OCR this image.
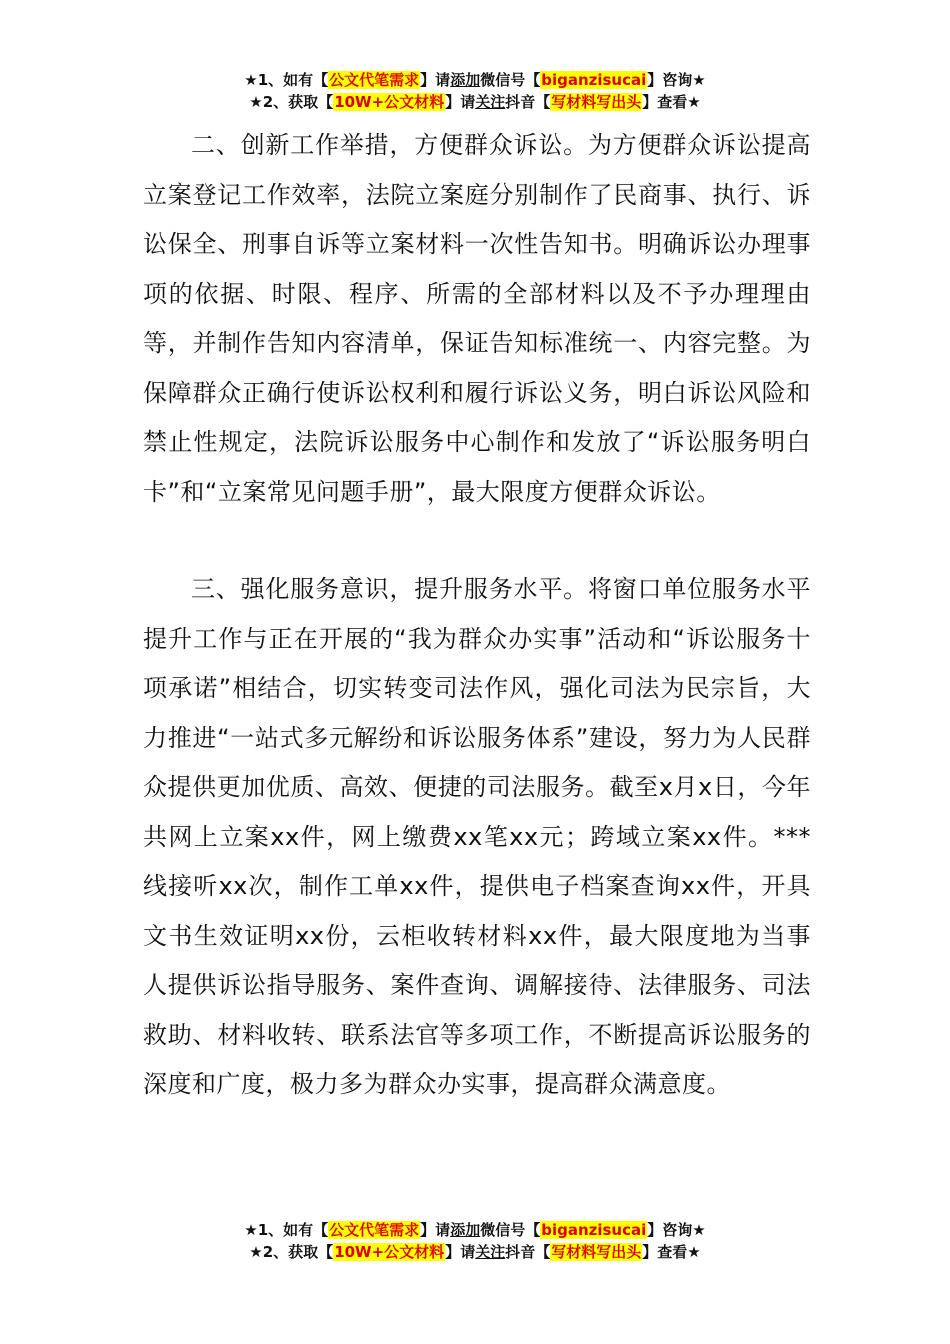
★1、如有【公文代笔需求】请添加微信号【biganzisucai】咨询★
★2、获取【10W+公文材料】请关注抖音【写材料写出头】查看★

二、创新工作举措，方便群众诉讼。为方便群众诉讼提高立案登记工作效率，法院立案庭分别制作了民商事、执行、诉讼保全、刑事自诉等立案材料一次性告知书。明确诉讼办理事项的依据、时限、程序、所需的全部材料以及不予办理理由等，并制作告知内容清单，保证告知标准统一、内容完整。为保障群众正确行使诉讼权利和履行诉讼义务，明白诉讼风险和禁止性规定，法院诉讼服务中心制作和发放了“诉讼服务明白卡”和“立案常见问题手册”，最大限度方便群众诉讼。

三、强化服务意识，提升服务水平。将窗口单位服务水平提升工作与正在开展的“我为群众办实事”活动和“诉讼服务十项承诺”相结合，切实转变司法作风，强化司法为民宗旨，大力推进“一站式多元解纷和诉讼服务体系”建设，努力为人民群众提供更加优质、高效、便捷的司法服务。截至x月x日，今年共网上立案xx件，网上缴费xx笔xx元；跨域立案xx件。***线接听xx次，制作工单xx件，提供电子档案查询xx件，开具文书生效证明xx份，云柜收转材料xx件，最大限度地为当事人提供诉讼指导服务、案件查询、调解接待、法律服务、司法救助、材料收转、联系法官等多项工作，不断提高诉讼服务的深度和广度，极力多为群众办实事，提高群众满意度。

★1、如有【公文代笔需求】请添加微信号【biganzisucai】咨询★
★2、获取【10W+公文材料】请关注抖音【写材料写出头】查看★
